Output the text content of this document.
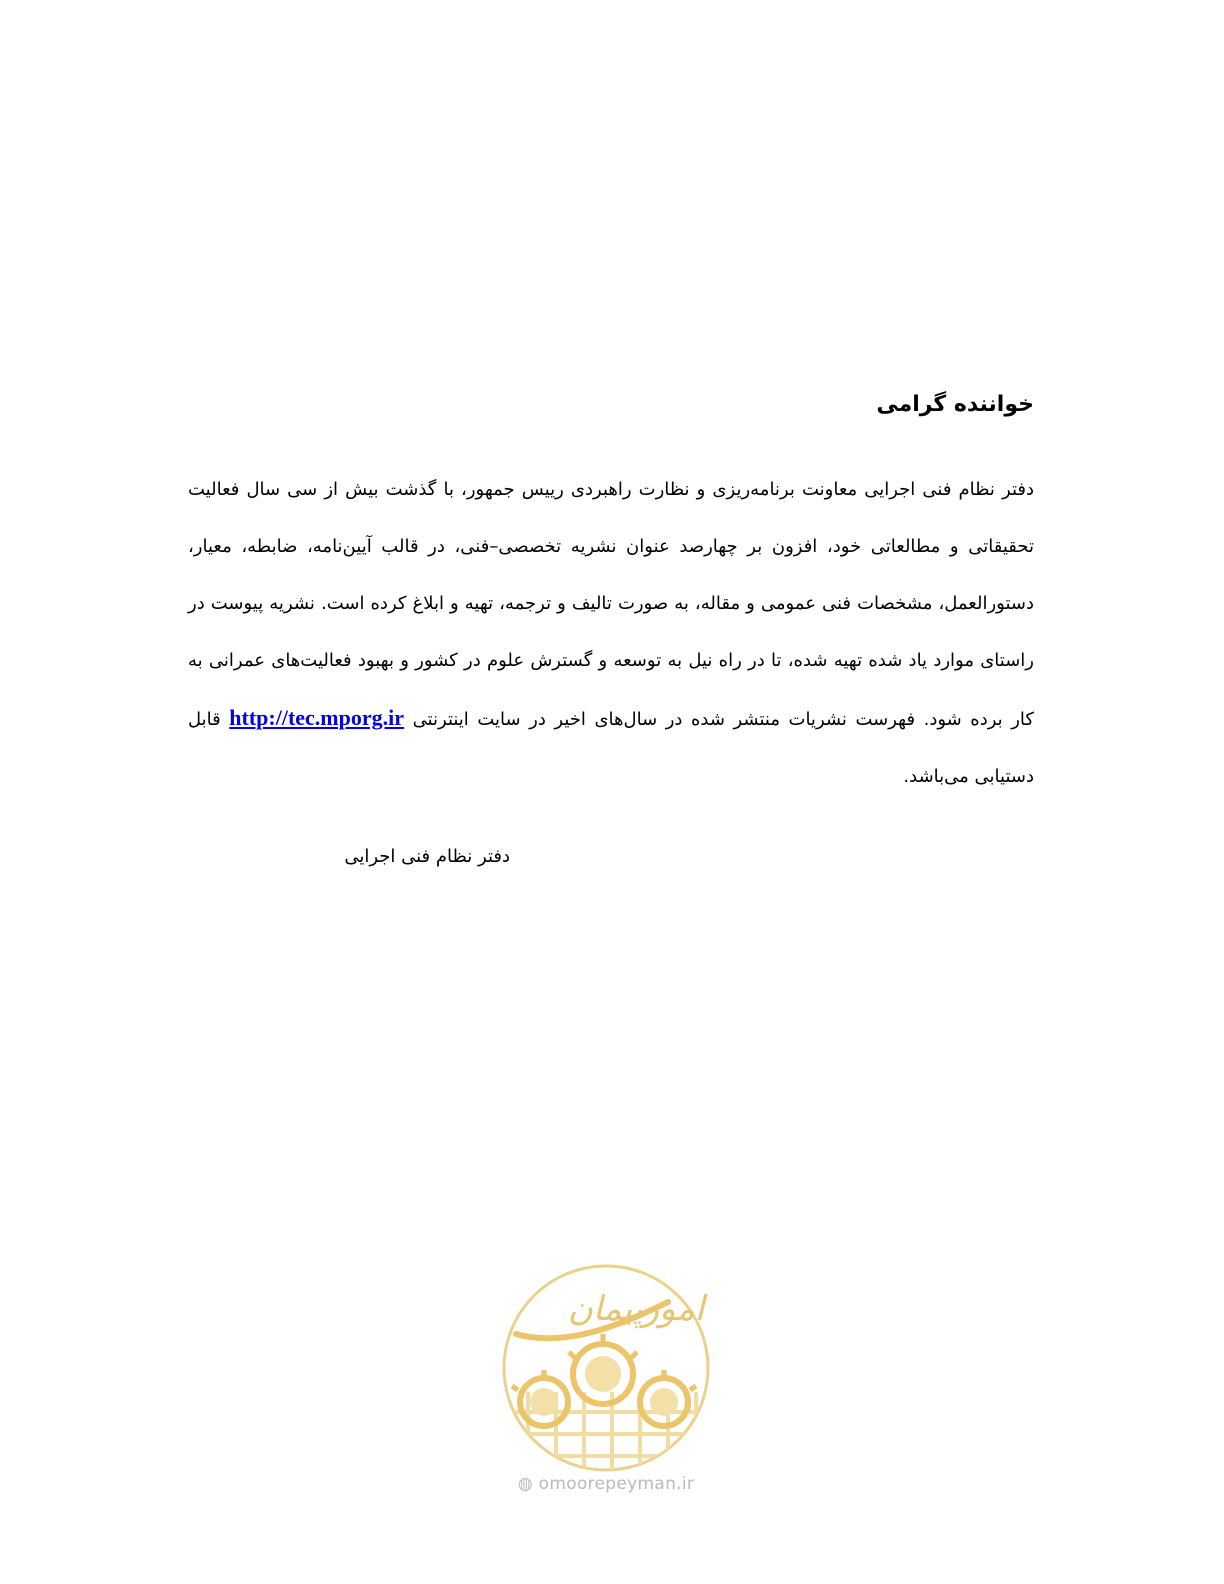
خواننده گرامی

دفتر نظام فنی اجرایی معاونت برنامه‌ریزی و نظارت راهبردی رییس جمهور، با گذشت بیش از سی سال فعالیت تحقیقاتی و مطالعاتی خود، افزون بر چهارصد عنوان نشریه تخصصی–فنی، در قالب آیین‌نامه، ضابطه، معیار، دستورالعمل، مشخصات فنی عمومی و مقاله، به صورت تالیف و ترجمه، تهیه و ابلاغ کرده است. نشریه پیوست در راستای موارد یاد شده تهیه شده، تا در راه نیل به توسعه و گسترش علوم در کشور و بهبود فعالیت‌های عمرانی به کار برده شود. فهرست نشریات منتشر شده در سال‌های اخیر در سایت اینترنتی http://tec.mporg.ir قابل دستیابی می‌باشد.

دفتر نظام فنی اجرایی
امورپیمان
◍ omoorepeyman.ir
